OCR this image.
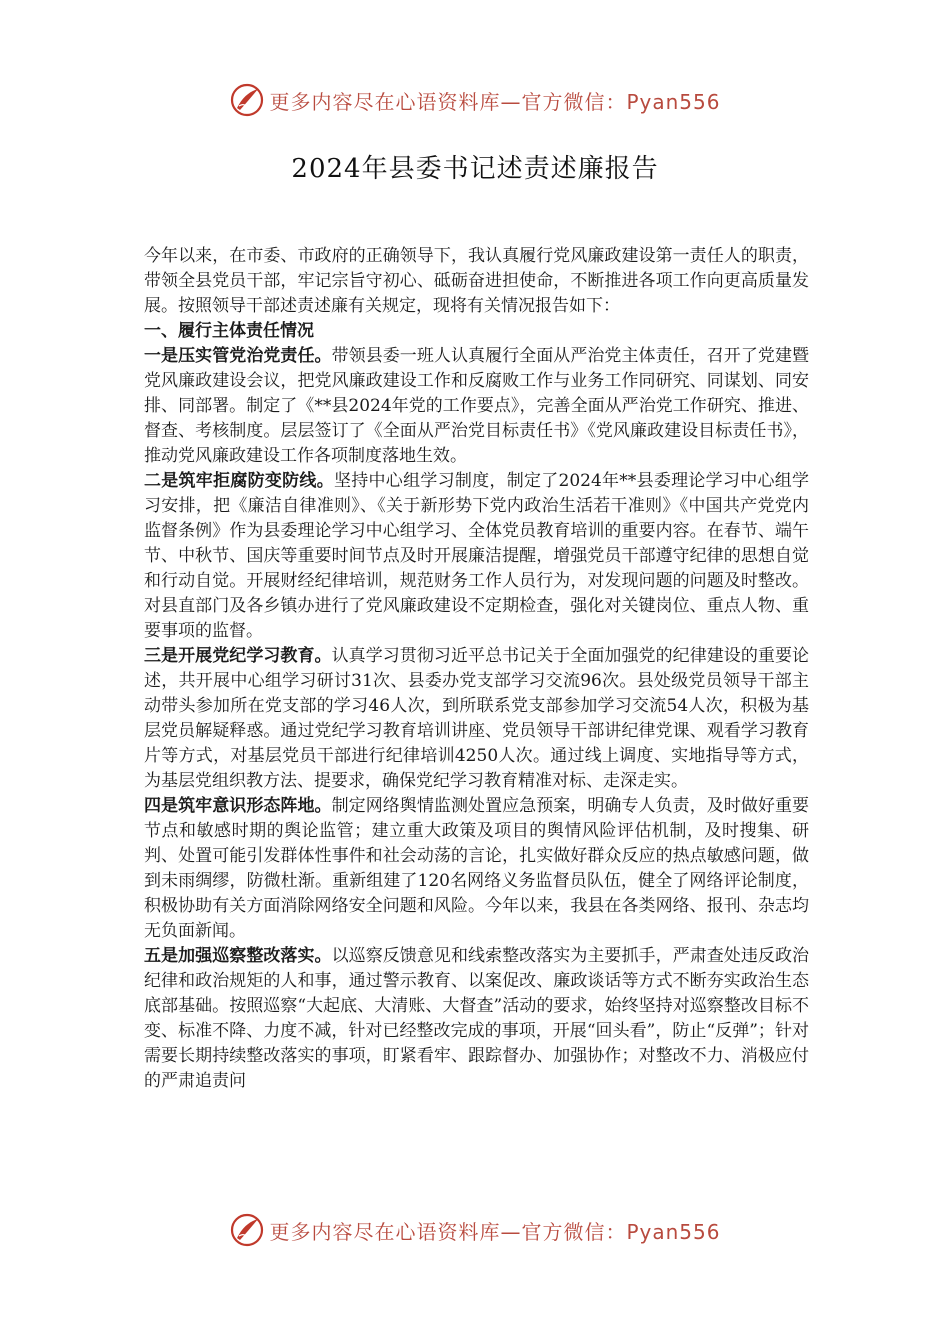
更多内容尽在心语资料库—官方微信：Pyan556
2024年县委书记述责述廉报告

今年以来，在市委、市政府的正确领导下，我认真履行党风廉政建设第一责任人的职责，带领全县党员干部，牢记宗旨守初心、砥砺奋进担使命，不断推进各项工作向更高质量发展。按照领导干部述责述廉有关规定，现将有关情况报告如下：

一、履行主体责任情况

一是压实管党治党责任。带领县委一班人认真履行全面从严治党主体责任，召开了党建暨党风廉政建设会议，把党风廉政建设工作和反腐败工作与业务工作同研究、同谋划、同安排、同部署。制定了《**县2024年党的工作要点》，完善全面从严治党工作研究、推进、督查、考核制度。层层签订了《全面从严治党目标责任书》《党风廉政建设目标责任书》，推动党风廉政建设工作各项制度落地生效。

二是筑牢拒腐防变防线。坚持中心组学习制度，制定了2024年**县委理论学习中心组学习安排，把《廉洁自律准则》、《关于新形势下党内政治生活若干准则》《中国共产党党内监督条例》作为县委理论学习中心组学习、全体党员教育培训的重要内容。在春节、端午节、中秋节、国庆等重要时间节点及时开展廉洁提醒，增强党员干部遵守纪律的思想自觉和行动自觉。开展财经纪律培训，规范财务工作人员行为，对发现问题的问题及时整改。对县直部门及各乡镇办进行了党风廉政建设不定期检查，强化对关键岗位、重点人物、重要事项的监督。

三是开展党纪学习教育。认真学习贯彻习近平总书记关于全面加强党的纪律建设的重要论述，共开展中心组学习研讨31次、县委办党支部学习交流96次。县处级党员领导干部主动带头参加所在党支部的学习46人次，到所联系党支部参加学习交流54人次，积极为基层党员解疑释惑。通过党纪学习教育培训讲座、党员领导干部讲纪律党课、观看学习教育片等方式，对基层党员干部进行纪律培训4250人次。通过线上调度、实地指导等方式，为基层党组织教方法、提要求，确保党纪学习教育精准对标、走深走实。

四是筑牢意识形态阵地。制定网络舆情监测处置应急预案，明确专人负责，及时做好重要节点和敏感时期的舆论监管；建立重大政策及项目的舆情风险评估机制，及时搜集、研判、处置可能引发群体性事件和社会动荡的言论，扎实做好群众反应的热点敏感问题，做到未雨绸缪，防微杜渐。重新组建了120名网络义务监督员队伍，健全了网络评论制度，积极协助有关方面消除网络安全问题和风险。今年以来，我县在各类网络、报刊、杂志均无负面新闻。

五是加强巡察整改落实。以巡察反馈意见和线索整改落实为主要抓手，严肃查处违反政治纪律和政治规矩的人和事，通过警示教育、以案促改、廉政谈话等方式不断夯实政治生态底部基础。按照巡察“大起底、大清账、大督查”活动的要求，始终坚持对巡察整改目标不变、标准不降、力度不减，针对已经整改完成的事项，开展“回头看”，防止“反弹”；针对需要长期持续整改落实的事项，盯紧看牢、跟踪督办、加强协作；对整改不力、消极应付的严肃追责问

更多内容尽在心语资料库—官方微信：Pyan556
